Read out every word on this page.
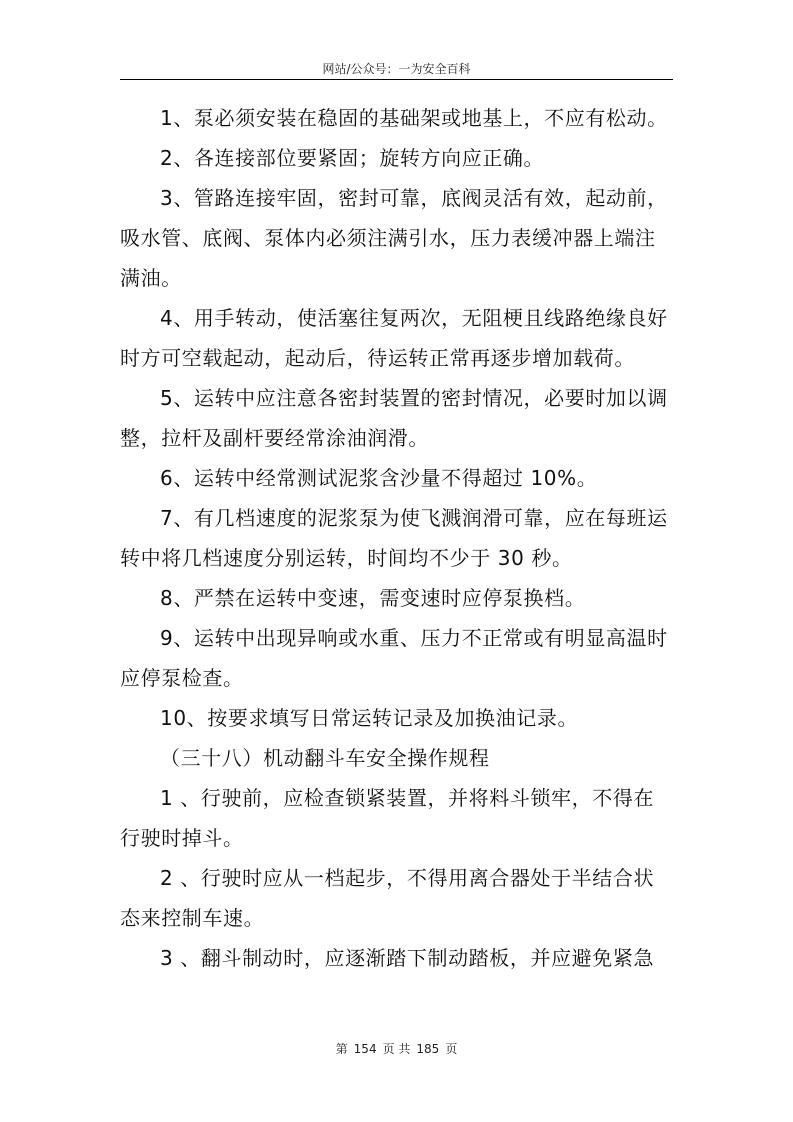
网站/公众号：一为安全百科

1、泵必须安装在稳固的基础架或地基上，不应有松动。

2、各连接部位要紧固；旋转方向应正确。

3、管路连接牢固，密封可靠，底阀灵活有效，起动前，吸水管、底阀、泵体内必须注满引水，压力表缓冲器上端注满油。

4、用手转动，使活塞往复两次，无阻梗且线路绝缘良好时方可空载起动，起动后，待运转正常再逐步增加载荷。

5、运转中应注意各密封装置的密封情况，必要时加以调整，拉杆及副杆要经常涂油润滑。

6、运转中经常测试泥浆含沙量不得超过 10%。

7、有几档速度的泥浆泵为使飞溅润滑可靠，应在每班运转中将几档速度分别运转，时间均不少于 30 秒。

8、严禁在运转中变速，需变速时应停泵换档。

9、运转中出现异响或水重、压力不正常或有明显高温时应停泵检查。

10、按要求填写日常运转记录及加换油记录。

（三十八）机动翻斗车安全操作规程

1 、行驶前，应检查锁紧装置，并将料斗锁牢，不得在行驶时掉斗。

2 、行驶时应从一档起步，不得用离合器处于半结合状态来控制车速。

3 、翻斗制动时，应逐渐踏下制动踏板，并应避免紧急

第 154 页 共 185 页
